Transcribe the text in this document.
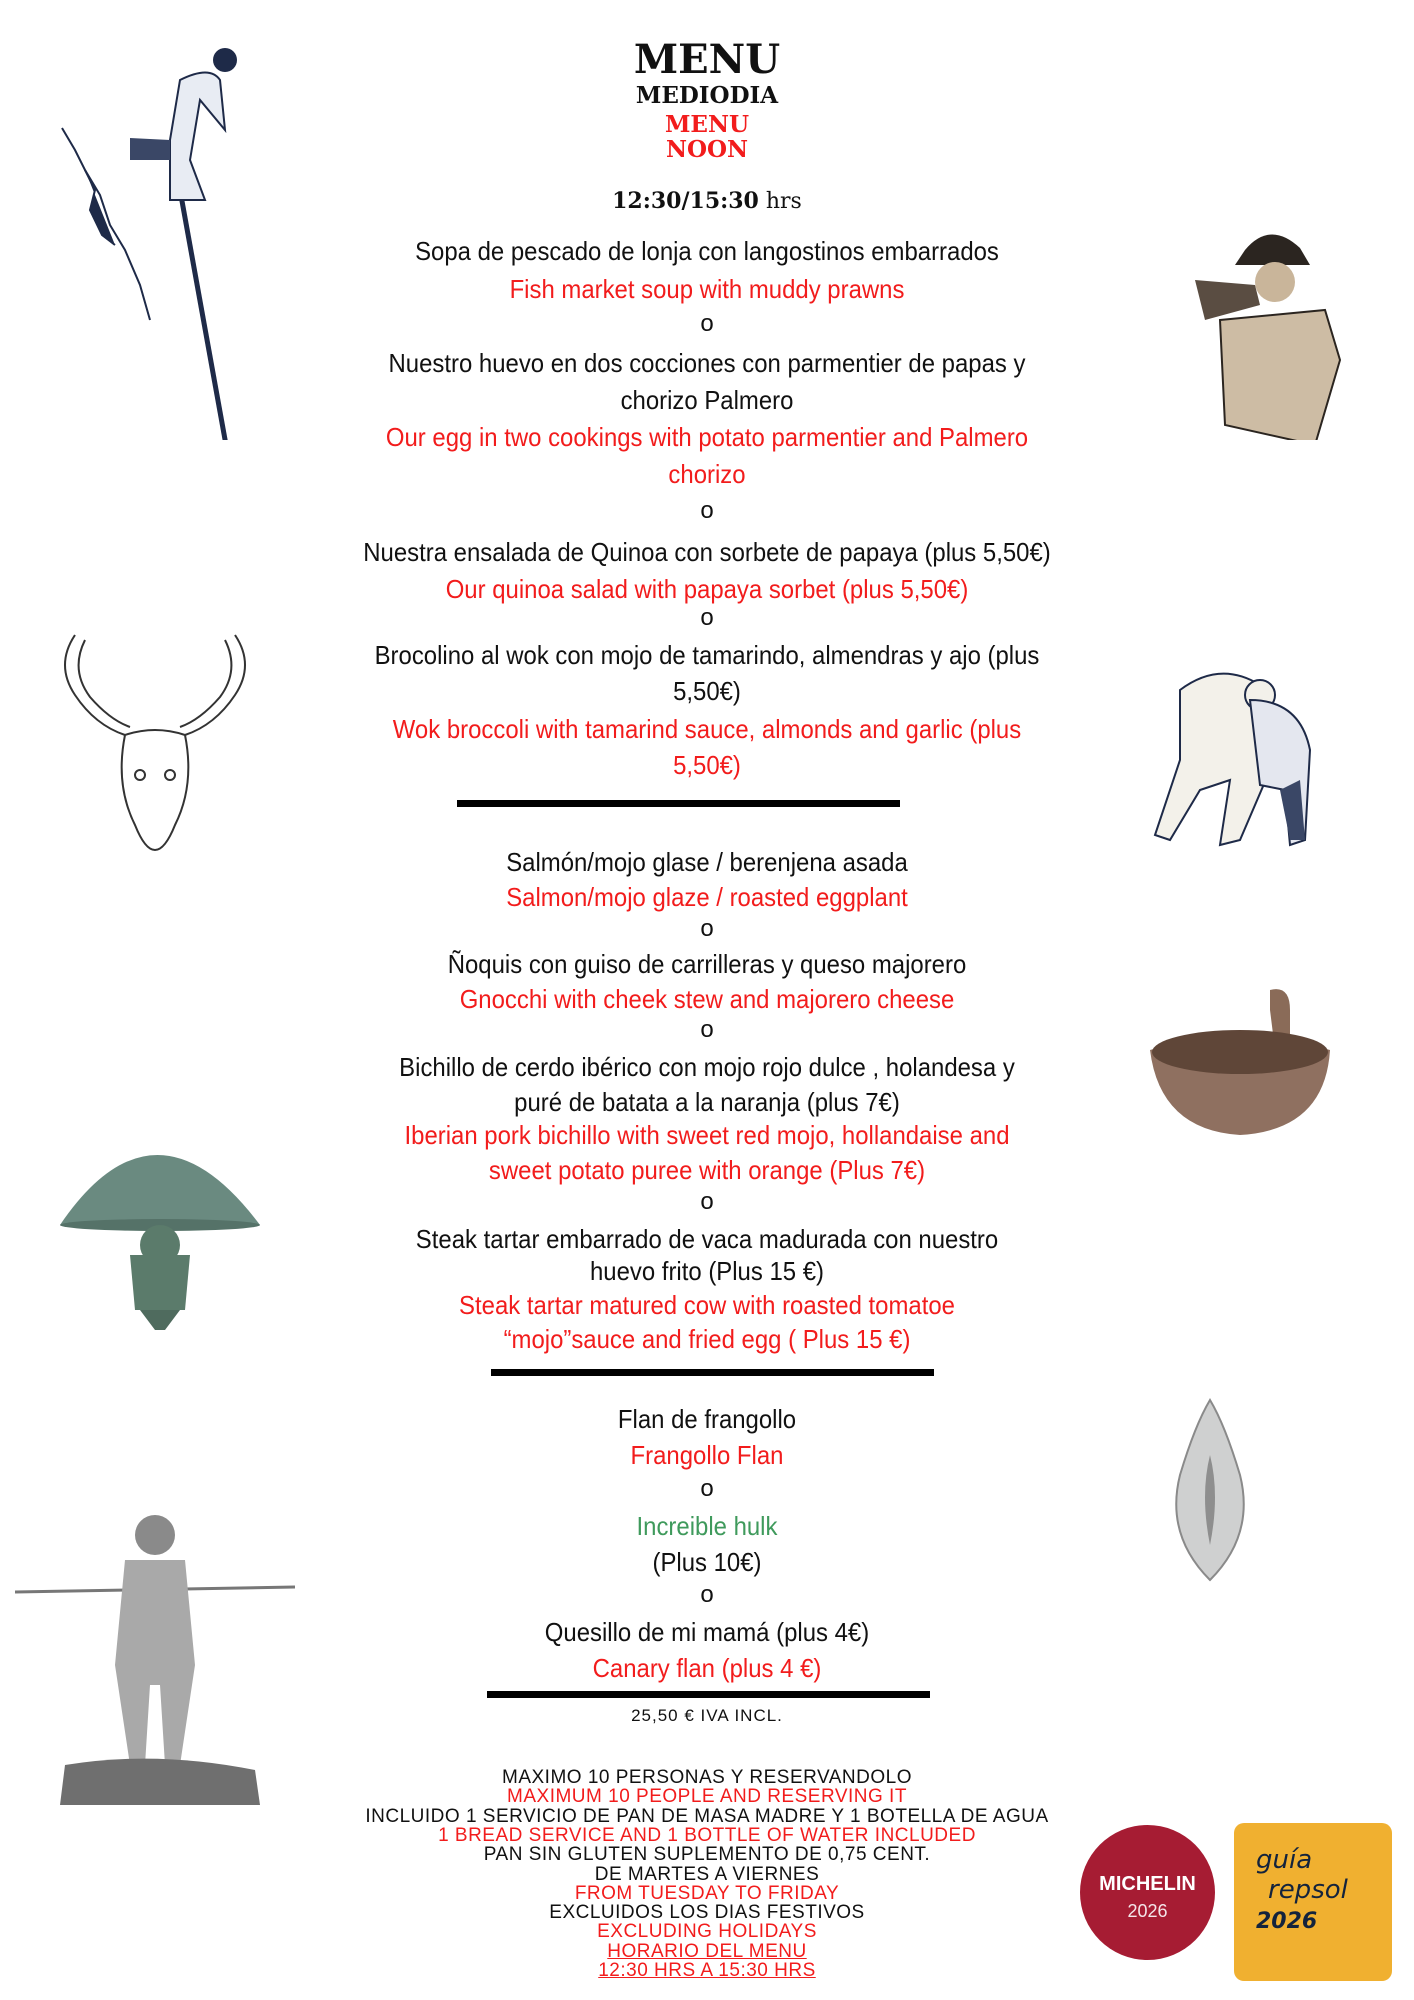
MENU
MEDIODIA
MENU
NOON
12:30/15:30 hrs
Sopa de pescado de lonja con langostinos embarrados
Fish market soup with muddy prawns
o
Nuestro huevo en dos cocciones con parmentier de papas y
chorizo Palmero
Our egg in two cookings with potato parmentier and Palmero
chorizo
o
Nuestra ensalada de Quinoa con sorbete de papaya (plus 5,50€)
Our quinoa salad with papaya sorbet (plus 5,50€)
o
Brocolino al wok con mojo de tamarindo, almendras y ajo (plus
5,50€)
Wok broccoli with tamarind sauce, almonds and garlic (plus
5,50€)
Salmón/mojo glase / berenjena asada
Salmon/mojo glaze / roasted eggplant
o
Ñoquis con guiso de carrilleras y queso majorero
Gnocchi with cheek stew and majorero cheese
o
Bichillo de cerdo ibérico con mojo rojo dulce , holandesa y
puré de batata a la naranja (plus 7€)
Iberian pork bichillo with sweet red mojo, hollandaise and
sweet potato puree with orange (Plus 7€)
o
Steak tartar embarrado de vaca madurada con nuestro
huevo frito (Plus 15 €)
Steak tartar matured cow with roasted tomatoe
“mojo”sauce and fried egg ( Plus 15 €)
Flan de frangollo
Frangollo Flan
o
Increible hulk
(Plus 10€)
o
Quesillo de mi mamá (plus 4€)
Canary flan (plus 4 €)
25,50 € IVA INCL.
MAXIMO 10 PERSONAS Y RESERVANDOLO
MAXIMUM 10 PEOPLE AND RESERVING IT
INCLUIDO 1 SERVICIO DE PAN DE MASA MADRE Y 1 BOTELLA DE AGUA
1 BREAD SERVICE AND 1 BOTTLE OF WATER INCLUDED
PAN SIN GLUTEN SUPLEMENTO DE 0,75 CENT.
DE MARTES A VIERNES
FROM TUESDAY TO FRIDAY
EXCLUIDOS LOS DIAS FESTIVOS
EXCLUDING HOLIDAYS
HORARIO DEL MENU
12:30 HRS A 15:30 HRS
MICHELIN
2026
guía
repsol
2026
